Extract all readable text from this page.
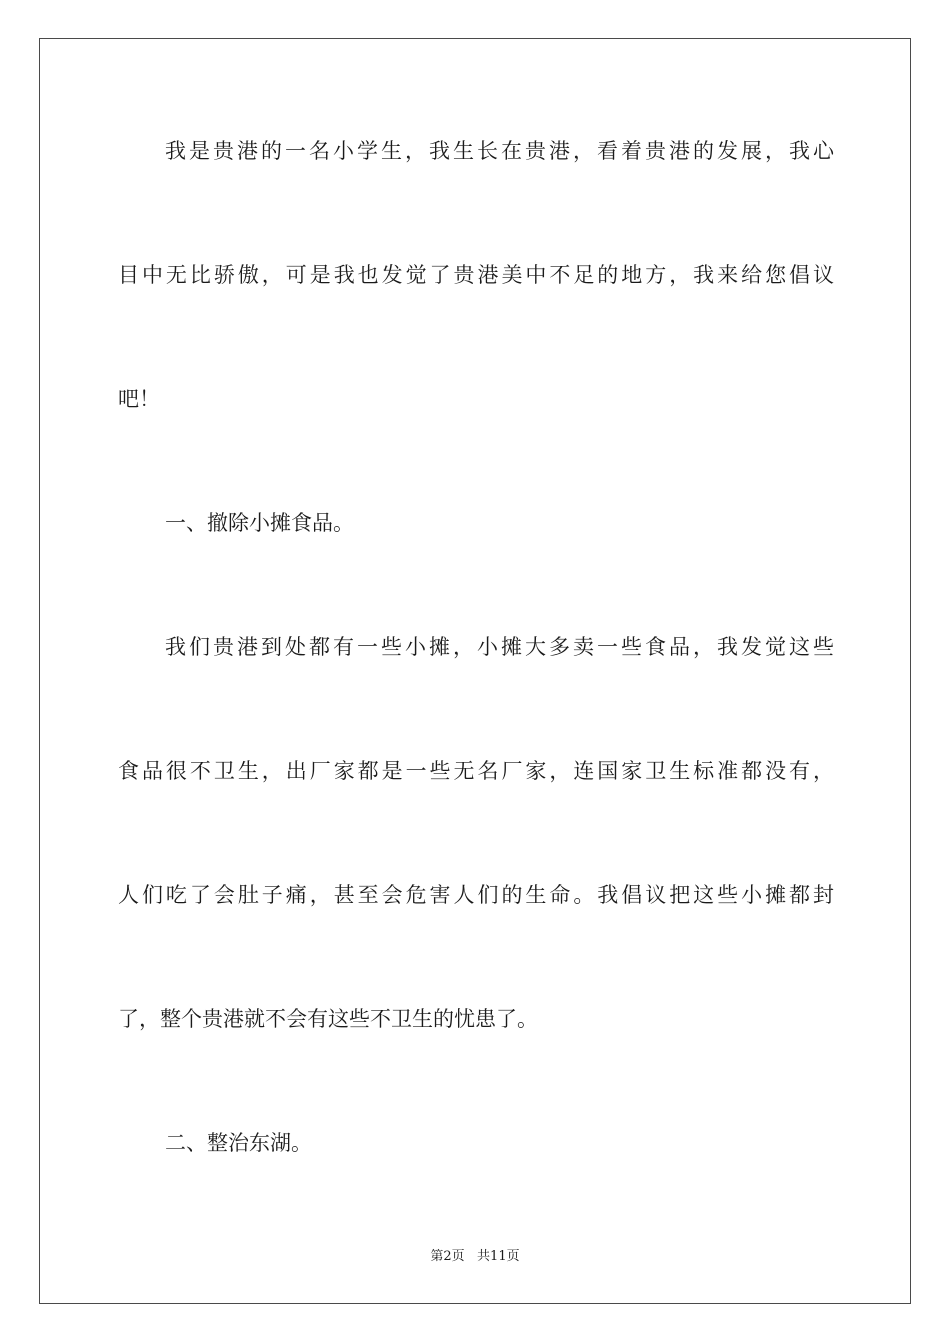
我是贵港的一名小学生，我生长在贵港，看着贵港的发展，我心
目中无比骄傲，可是我也发觉了贵港美中不足的地方，我来给您倡议
吧！
一、撤除小摊食品。
我们贵港到处都有一些小摊，小摊大多卖一些食品，我发觉这些
食品很不卫生，出厂家都是一些无名厂家，连国家卫生标准都没有，
人们吃了会肚子痛，甚至会危害人们的生命。我倡议把这些小摊都封
了，整个贵港就不会有这些不卫生的忧患了。
二、整治东湖。
第2页   共11页
